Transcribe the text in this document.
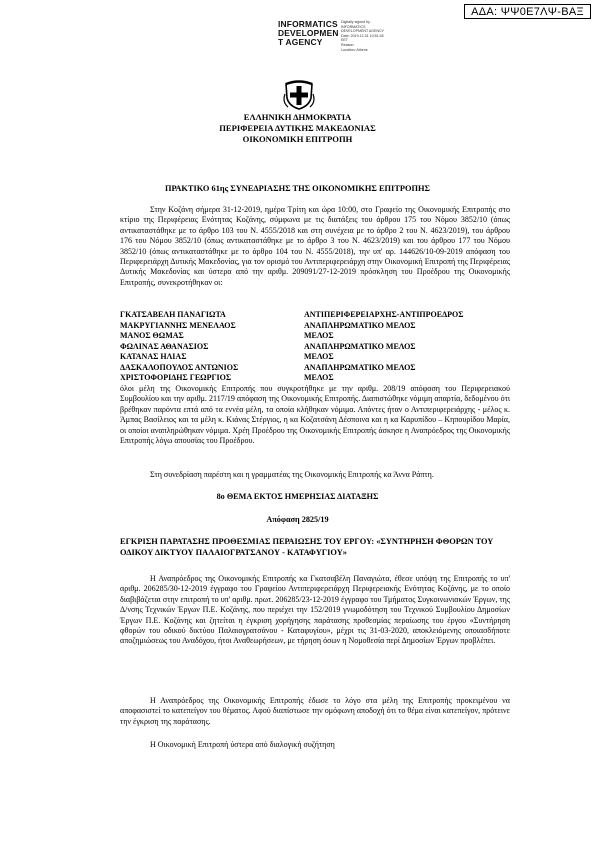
ΑΔΑ: ΨΨ0Ε7ΛΨ-ΒΑΞ
INFORMATICS
DEVELOPMEN
T AGENCY
Digitally signed by
INFORMATICS
DEVELOPMENT AGENCY
Date: 2019.12.31 10:51:45
EET
Reason:
Location: Athens
ΕΛΛΗΝΙΚΗ ΔΗΜΟΚΡΑΤΙΑ
ΠΕΡΙΦΕΡΕΙΑ ΔΥΤΙΚΗΣ ΜΑΚΕΔΟΝΙΑΣ
ΟΙΚΟΝΟΜΙΚΗ ΕΠΙΤΡΟΠΗ
ΠΡΑΚΤΙΚΟ 61ης ΣΥΝΕΔΡΙΑΣΗΣ ΤΗΣ ΟΙΚΟΝΟΜΙΚΗΣ ΕΠΙΤΡΟΠΗΣ
Στην Κοζάνη σήμερα 31-12-2019, ημέρα Τρίτη και ώρα 10:00, στο Γραφείο της Οικονομικής Επιτροπής στο κτίριο της Περιφέρειας Ενότητας Κοζάνης, σύμφωνα με τις διατάξεις του άρθρου 175 του Νόμου 3852/10 (όπως αντικαταστάθηκε με το άρθρο 103 του Ν. 4555/2018 και στη συνέχεια με το άρθρο 2 του Ν. 4623/2019), του άρθρου 176 του Νόμου 3852/10 (όπως αντικαταστάθηκε με το άρθρο 3 του Ν. 4623/2019) και του άρθρου 177 του Νόμου 3852/10 (όπως αντικαταστάθηκε με το άρθρο 104 του Ν. 4555/2018), την υπ' αρ. 144626/10-09-2019 απόφαση του Περιφερειάρχη Δυτικής Μακεδονίας, για τον ορισμό του Αντιπεριφερειάρχη στην Οικονομική Επιτροπή της Περιφέρειας Δυτικής Μακεδονίας και ύστερα από την αριθμ. 209091/27-12-2019 πρόσκληση του Προέδρου της Οικονομικής Επιτροπής, συνεκροτήθηκαν οι:
ΓΚΑΤΣΑΒΕΛΗ ΠΑΝΑΓΙΩΤΑ	ΑΝΤΙΠΕΡΙΦΕΡΕΙΑΡΧΗΣ-ΑΝΤΙΠΡΟΕΔΡΟΣ
ΜΑΚΡΥΓΙΑΝΝΗΣ ΜΕΝΕΛΑΟΣ	ΑΝΑΠΛΗΡΩΜΑΤΙΚΟ ΜΕΛΟΣ
ΜΑΝΟΣ ΘΩΜΑΣ	ΜΕΛΟΣ
ΦΩΛΙΝΑΣ ΑΘΑΝΑΣΙΟΣ	ΑΝΑΠΛΗΡΩΜΑΤΙΚΟ ΜΕΛΟΣ
ΚΑΤΑΝΑΣ ΗΛΙΑΣ	ΜΕΛΟΣ
ΔΑΣΚΑΛΟΠΟΥΛΟΣ ΑΝΤΩΝΙΟΣ	ΑΝΑΠΛΗΡΩΜΑΤΙΚΟ ΜΕΛΟΣ
ΧΡΙΣΤΟΦΟΡΙΔΗΣ ΓΕΩΡΓΙΟΣ	ΜΕΛΟΣ
όλοι μέλη της Οικονομικής Επιτροπής που συγκροτήθηκε με την αριθμ. 208/19 απόφαση του Περιφερειακού Συμβουλίου και την αριθμ. 2117/19 απόφαση της Οικονομικής Επιτροπής. Διαπιστώθηκε νόμιμη απαρτία, δεδομένου ότι βρέθηκαν παρόντα επτά από τα εννέα μέλη, τα οποία κλήθηκαν νόμιμα. Απόντες ήταν ο Αντιπεριφερειάρχης - μέλος κ. Άμπας Βασίλειος και τα μέλη κ. Κιάνας Στέργιος, η κα Κοζατσάνη Δέσποινα και η κα Καρυπίδου – Κηπουρίδου Μαρία, οι οποίοι αναπληρώθηκαν νόμιμα. Χρέη Προέδρου της Οικονομικής Επιτροπής άσκησε η Αναπρόεδρος της Οικονομικής Επιτροπής λόγω απουσίας του Προέδρου.
Στη συνεδρίαση παρέστη και η γραμματέας της Οικονομικής Επιτροπής κα Άννα Ράπτη.
8ο ΘΕΜΑ ΕΚΤΟΣ ΗΜΕΡΗΣΙΑΣ ΔΙΑΤΑΞΗΣ
Απόφαση 2825/19
ΕΓΚΡΙΣΗ ΠΑΡΑΤΑΣΗΣ ΠΡΟΘΕΣΜΙΑΣ ΠΕΡΑΙΩΣΗΣ ΤΟΥ ΕΡΓΟΥ: «ΣΥΝΤΗΡΗΣΗ ΦΘΟΡΩΝ ΤΟΥ ΟΔΙΚΟΥ ΔΙΚΤΥΟΥ ΠΑΛΑΙΟΓΡΑΤΣΑΝΟΥ - ΚΑΤΑΦΥΓΙΟΥ»
Η Αναπρόεδρος της Οικονομικής Επιτροπής κα Γκατσαβέλη Παναγιώτα, έθεσε υπόψη της Επιτροπής το υπ' αριθμ. 206285/30-12-2019 έγγραφο του Γραφείου Αντιπεριφερειάρχη Περιφερειακής Ενότητας Κοζάνης, με το οποίο διαβιβάζεται στην επιτροπή το υπ' αριθμ. πρωτ. 206285/23-12-2019 έγγραφο του Τμήματος Συγκοινωνιακών Έργων, της Δ/νσης Τεχνικών Έργων Π.Ε. Κοζάνης, που περιέχει την 152/2019 γνωμοδότηση του Τεχνικού Συμβουλίου Δημοσίων Έργων Π.Ε. Κοζάνης και ζητείται η έγκριση χορήγησης παράτασης προθεσμίας περαίωσης του έργου «Συντήρηση φθορών του οδικού δικτύου Παλαιογρατσάνου - Καταφυγίου», μέχρι τις 31-03-2020, αποκλειόμενης οποιασδήποτε αποζημιώσεως του Αναδόχου, ήτοι Αναθεωρήσεων, με τήρηση όσων η Νομοθεσία περί Δημοσίων Έργων προβλέπει.
Η Αναπρόεδρος της Οικονομικής Επιτροπής έδωσε το λόγο στα μέλη της Επιτροπής προκειμένου να αποφασιστεί το κατεπείγον του θέματος. Αφού διαπίστωσε την ομόφωνη αποδοχή ότι το θέμα είναι κατεπείγον, πρότεινε την έγκριση της παράτασης.
Η Οικονομική Επιτροπή ύστερα από διαλογική συζήτηση
